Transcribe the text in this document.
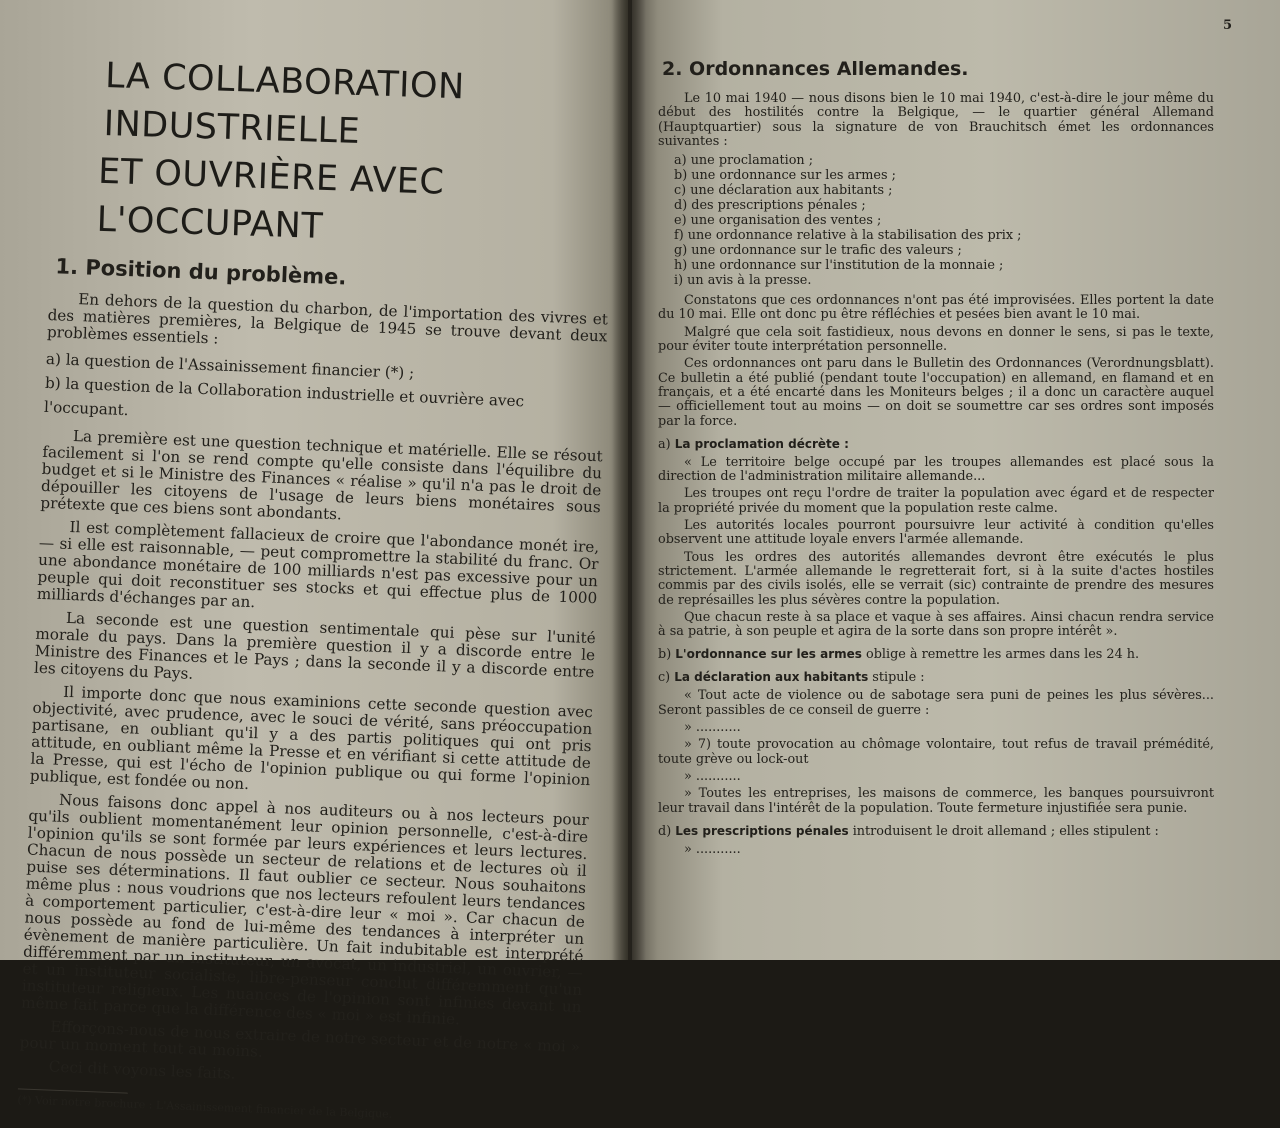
LA COLLABORATION INDUSTRIELLE
ET OUVRIÈRE AVEC L'OCCUPANT
1. Position du problème.

En dehors de la question du charbon, de l'importation des vivres et des matières premières, la Belgique de 1945 se trouve devant deux problèmes essentiels :

a) la question de l'Assainissement financier (*) ;
b) la question de la Collaboration industrielle et ouvrière avec l'occupant.

La première est une question technique et matérielle. Elle se résout facilement si l'on se rend compte qu'elle consiste dans l'équilibre du budget et si le Ministre des Finances « réalise » qu'il n'a pas le droit de dépouiller les citoyens de l'usage de leurs biens monétaires sous prétexte que ces biens sont abondants.

Il est complètement fallacieux de croire que l'abondance monét ire, — si elle est raisonnable, — peut compromettre la stabilité du franc. Or une abondance monétaire de 100 milliards n'est pas excessive pour un peuple qui doit reconstituer ses stocks et qui effectue plus de 1000 milliards d'échanges par an.

La seconde est une question sentimentale qui pèse sur l'unité morale du pays. Dans la première question il y a discorde entre le Ministre des Finances et le Pays ; dans la seconde il y a discorde entre les citoyens du Pays.

Il importe donc que nous examinions cette seconde question avec objectivité, avec prudence, avec le souci de vérité, sans préoccupation partisane, en oubliant qu'il y a des partis politiques qui ont pris attitude, en oubliant même la Presse et en vérifiant si cette attitude de la Presse, qui est l'écho de l'opinion publique ou qui forme l'opinion publique, est fondée ou non.

Nous faisons donc appel à nos auditeurs ou à nos lecteurs pour qu'ils oublient momentanément leur opinion personnelle, c'est-à-dire l'opinion qu'ils se sont formée par leurs expériences et leurs lectures. Chacun de nous possède un secteur de relations et de lectures où il puise ses déterminations. Il faut oublier ce secteur. Nous souhaitons même plus : nous voudrions que nos lecteurs refoulent leurs tendances à comportement particulier, c'est-à-dire leur « moi ». Car chacun de nous possède au fond de lui-même des tendances à interpréter un évènement de manière particulière. Un fait indubitable est interprété différemment par un instituteur, un avocat, un industriel, un ouvrier, — et un instituteur socialiste, libre-penseur conclut différemment qu'un instituteur religieux. Les nuances de l'opinion sont infinies devant un même fait parce que la différence des « moi » est infinie.

Efforçons-nous de nous extraire de notre secteur et de notre « moi » pour un moment tout au moins.

Ceci dit voyons les faits.

(*) Voir notre brochure : L'Assainissement financier de la Belgique.
5
2. Ordonnances Allemandes.

Le 10 mai 1940 — nous disons bien le 10 mai 1940, c'est-à-dire le jour même du début des hostilités contre la Belgique, — le quartier général Allemand (Hauptquartier) sous la signature de von Brauchitsch émet les ordonnances suivantes :

a) une proclamation ;
b) une ordonnance sur les armes ;
c) une déclaration aux habitants ;
d) des prescriptions pénales ;
e) une organisation des ventes ;
f) une ordonnance relative à la stabilisation des prix ;
g) une ordonnance sur le trafic des valeurs ;
h) une ordonnance sur l'institution de la monnaie ;
i) un avis à la presse.

Constatons que ces ordonnances n'ont pas été improvisées. Elles portent la date du 10 mai. Elle ont donc pu être réfléchies et pesées bien avant le 10 mai.

Malgré que cela soit fastidieux, nous devons en donner le sens, si pas le texte, pour éviter toute interprétation personnelle.

Ces ordonnances ont paru dans le Bulletin des Ordonnances (Verordnungsblatt). Ce bulletin a été publié (pendant toute l'occupation) en allemand, en flamand et en français, et a été encarté dans les Moniteurs belges ; il a donc un caractère auquel — officiellement tout au moins — on doit se soumettre car ses ordres sont imposés par la force.

a) La proclamation décrète :

« Le territoire belge occupé par les troupes allemandes est placé sous la direction de l'administration militaire allemande...

Les troupes ont reçu l'ordre de traiter la population avec égard et de respecter la propriété privée du moment que la population reste calme.

Les autorités locales pourront poursuivre leur activité à condition qu'elles observent une attitude loyale envers l'armée allemande.

Tous les ordres des autorités allemandes devront être exécutés le plus strictement. L'armée allemande le regretterait fort, si à la suite d'actes hostiles commis par des civils isolés, elle se verrait (sic) contrainte de prendre des mesures de représailles les plus sévères contre la population.

Que chacun reste à sa place et vaque à ses affaires. Ainsi chacun rendra service à sa patrie, à son peuple et agira de la sorte dans son propre intérêt ».

b) L'ordonnance sur les armes oblige à remettre les armes dans les 24 h.
c) La déclaration aux habitants stipule :

« Tout acte de violence ou de sabotage sera puni de peines les plus sévères... Seront passibles de ce conseil de guerre :

» ...........

» 7) toute provocation au chômage volontaire, tout refus de travail prémédité, toute grève ou lock-out

» ...........

» Toutes les entreprises, les maisons de commerce, les banques poursuivront leur travail dans l'intérêt de la population. Toute fermeture injustifiée sera punie.

d) Les prescriptions pénales introduisent le droit allemand ; elles stipulent :

» ...........
